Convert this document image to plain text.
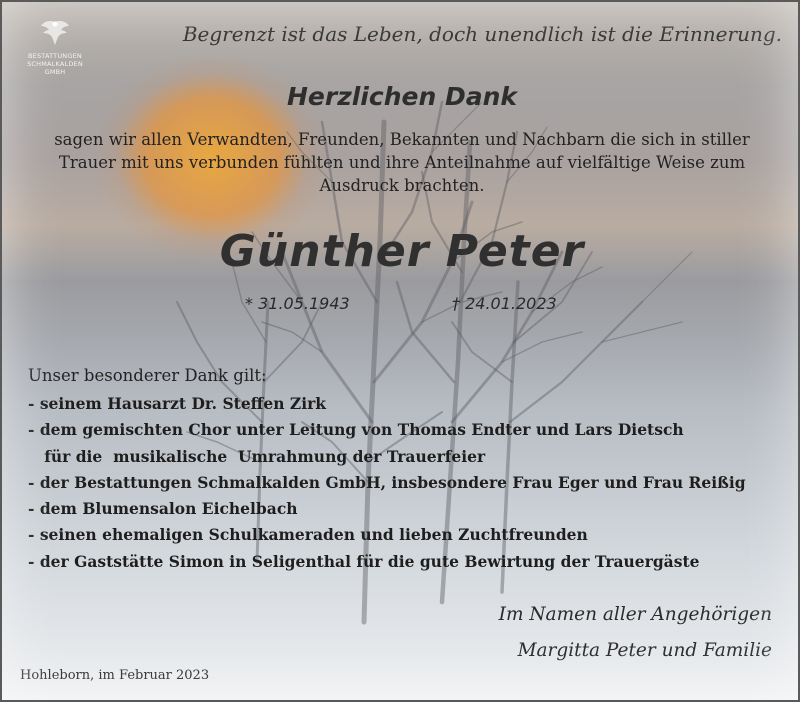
BESTATTUNGEN
SCHMALKALDEN
GMBH
Begrenzt ist das Leben, doch unendlich ist die Erinnerung.
Herzlichen Dank
sagen wir allen Verwandten, Freunden, Bekannten und Nachbarn die sich in stiller
Trauer mit uns verbunden fühlten und ihre Anteilnahme auf vielfältige Weise zum
Ausdruck brachten.
Günther Peter
* 31.05.1943	† 24.01.2023
Unser besonderer Dank gilt:
- seinem Hausarzt Dr. Steffen Zirk
- dem gemischten Chor unter Leitung von Thomas Endter und Lars Dietsch
für die  musikalische  Umrahmung der Trauerfeier
- der Bestattungen Schmalkalden GmbH, insbesondere Frau Eger und Frau Reißig
- dem Blumensalon Eichelbach
- seinen ehemaligen Schulkameraden und lieben Zuchtfreunden
- der Gaststätte Simon in Seligenthal für die gute Bewirtung der Trauergäste
Im Namen aller Angehörigen
Margitta Peter und Familie
Hohleborn, im Februar 2023
